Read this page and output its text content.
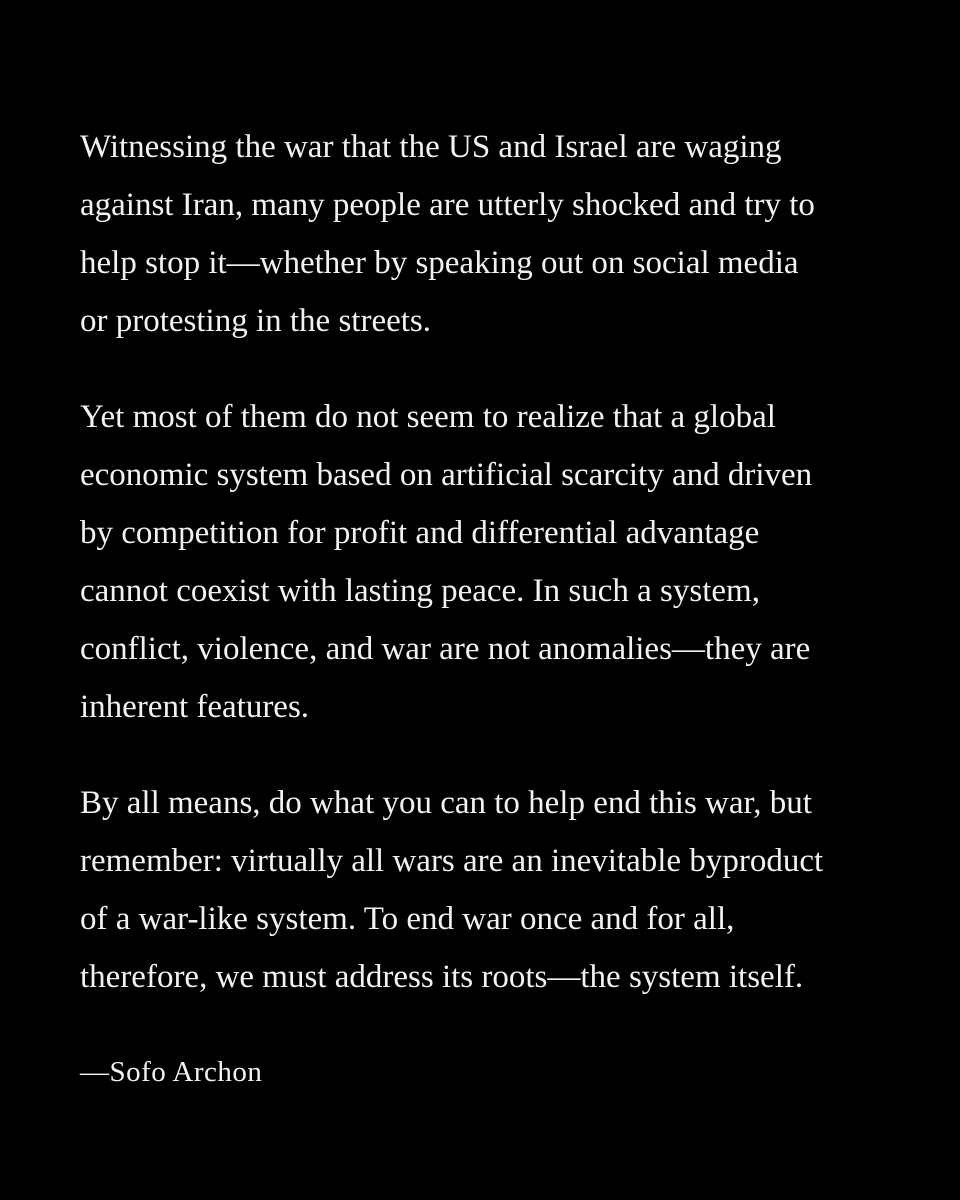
Witnessing the war that the US and Israel are waging
against Iran, many people are utterly shocked and try to
help stop it—whether by speaking out on social media
or protesting in the streets.

Yet most of them do not seem to realize that a global
economic system based on artificial scarcity and driven
by competition for profit and differential advantage
cannot coexist with lasting peace. In such a system,
conflict, violence, and war are not anomalies—they are
inherent features.

By all means, do what you can to help end this war, but
remember: virtually all wars are an inevitable byproduct
of a war-like system. To end war once and for all,
therefore, we must address its roots—the system itself.

—Sofo Archon
